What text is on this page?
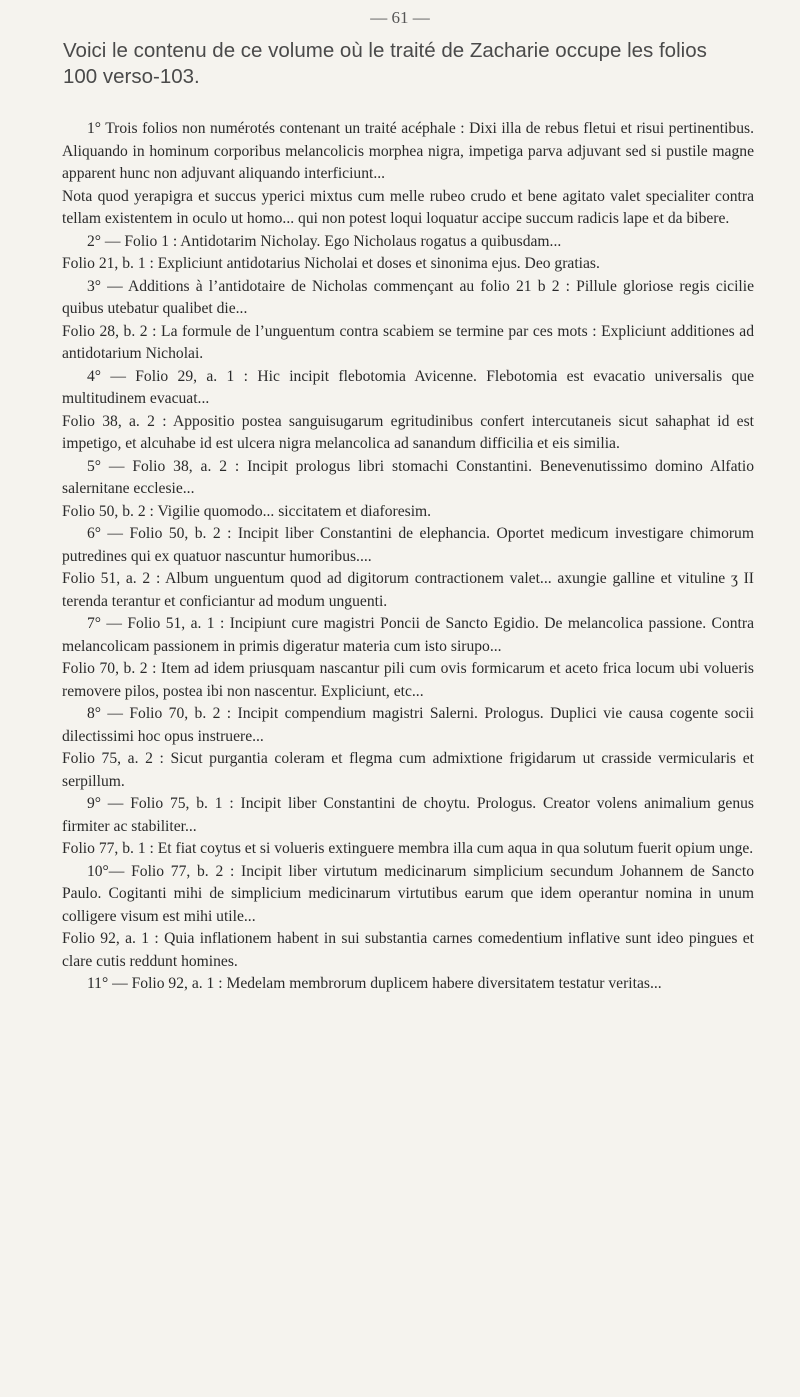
— 61 —
Voici le contenu de ce volume où le traité de Zacharie occupe les folios
100 verso-103.

1° Trois folios non numérotés contenant un traité acéphale : Dixi illa de rebus fletui et risui pertinentibus. Aliquando in hominum corporibus melancolicis morphea nigra, impetiga parva adjuvant sed si pustile magne apparent hunc non adjuvant aliquando interficiunt...

Nota quod yerapigra et succus yperici mixtus cum melle rubeo crudo et bene agitato valet specialiter contra tellam existentem in oculo ut homo... qui non potest loqui loquatur accipe succum radicis lape et da bibere.

2° — Folio 1 : Antidotarim Nicholay. Ego Nicholaus rogatus a quibusdam...

Folio 21, b. 1 : Expliciunt antidotarius Nicholai et doses et sinonima ejus. Deo gratias.

3° — Additions à l’antidotaire de Nicholas commençant au folio 21 b 2 : Pillule gloriose regis cicilie quibus utebatur qualibet die...

Folio 28, b. 2 : La formule de l’unguentum contra scabiem se termine par ces mots : Expliciunt additiones ad antidotarium Nicholai.

4° — Folio 29, a. 1 : Hic incipit flebotomia Avicenne. Flebotomia est evacatio universalis que multitudinem evacuat...

Folio 38, a. 2 : Appositio postea sanguisugarum egritudinibus confert intercutaneis sicut sahaphat id est impetigo, et alcuhabe id est ulcera nigra melancolica ad sanandum difficilia et eis similia.

5° — Folio 38, a. 2 : Incipit prologus libri stomachi Constantini. Benevenutissimo domino Alfatio salernitane ecclesie...

Folio 50, b. 2 : Vigilie quomodo... siccitatem et diaforesim.

6° — Folio 50, b. 2 : Incipit liber Constantini de elephancia. Oportet medicum investigare chimorum putredines qui ex quatuor nascuntur humoribus....

Folio 51, a. 2 : Album unguentum quod ad digitorum contractionem valet... axungie galline et vituline ʒ II terenda terantur et conficiantur ad modum unguenti.

7° — Folio 51, a. 1 : Incipiunt cure magistri Poncii de Sancto Egidio. De melancolica passione. Contra melancolicam passionem in primis digeratur materia cum isto sirupo...

Folio 70, b. 2 : Item ad idem priusquam nascantur pili cum ovis formicarum et aceto frica locum ubi volueris removere pilos, postea ibi non nascentur. Expliciunt, etc...

8° — Folio 70, b. 2 : Incipit compendium magistri Salerni. Prologus. Duplici vie causa cogente socii dilectissimi hoc opus instruere...

Folio 75, a. 2 : Sicut purgantia coleram et flegma cum admixtione frigidarum ut crasside vermicularis et serpillum.

9° — Folio 75, b. 1 : Incipit liber Constantini de choytu. Prologus. Creator volens animalium genus firmiter ac stabiliter...

Folio 77, b. 1 : Et fiat coytus et si volueris extinguere membra illa cum aqua in qua solutum fuerit opium unge.

10°— Folio 77, b. 2 : Incipit liber virtutum medicinarum simplicium secundum Johannem de Sancto Paulo. Cogitanti mihi de simplicium medicinarum virtutibus earum que idem operantur nomina in unum colligere visum est mihi utile...

Folio 92, a. 1 : Quia inflationem habent in sui substantia carnes comedentium inflative sunt ideo pingues et clare cutis reddunt homines.

11° — Folio 92, a. 1 : Medelam membrorum duplicem habere diversitatem testatur veritas...
